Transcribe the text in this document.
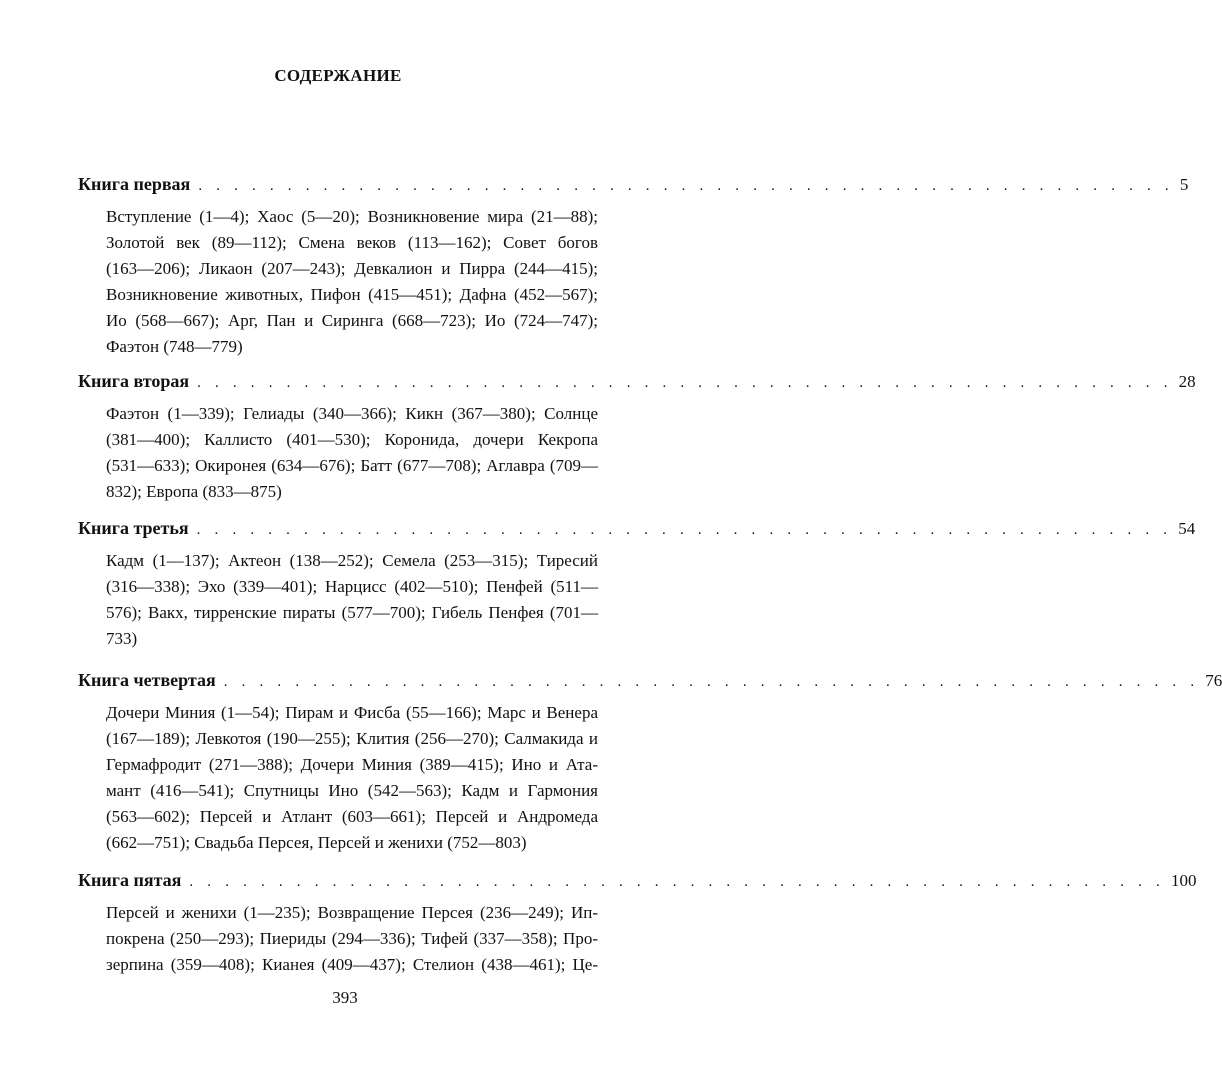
СОДЕРЖАНИЕ
Книга первая . . . . . . . . . . . . . . . . . . . . . . . . . . . . . . . . . . . . . . . . . . . . . . . . . . . . . . . 5
Вступление (1—4); Хаос (5—20); Возникновение мира (21—88);
Золотой век (89—112); Смена веков (113—162); Совет богов
(163—206); Ликаон (207—243); Девкалион и Пирра (244—415);
Возникновение животных, Пифон (415—451); Дафна (452—567);
Ио (568—667); Арг, Пан и Сиринга (668—723); Ио (724—747);
Фаэтон (748—779)
Книга вторая . . . . . . . . . . . . . . . . . . . . . . . . . . . . . . . . . . . . . . . . . . . . . . . . . . . . . . . 28
Фаэтон (1—339); Гелиады (340—366); Кикн (367—380); Солнце
(381—400); Каллисто (401—530); Коронида, дочери Кекропа
(531—633); Окиронея (634—676); Батт (677—708); Аглавра (709—
832); Европа (833—875)
Книга третья . . . . . . . . . . . . . . . . . . . . . . . . . . . . . . . . . . . . . . . . . . . . . . . . . . . . . . . 54
Кадм (1—137); Актеон (138—252); Семела (253—315); Тиресий
(316—338); Эхо (339—401); Нарцисс (402—510); Пенфей (511—
576); Вакх, тирренские пираты (577—700); Гибель Пенфея (701—
733)
Книга четвертая . . . . . . . . . . . . . . . . . . . . . . . . . . . . . . . . . . . . . . . . . . . . . . . . . . . . . . . 76
Дочери Миния (1—54); Пирам и Фисба (55—166); Марс и Венера
(167—189); Левкотоя (190—255); Клития (256—270); Салмакида и
Гермафродит (271—388); Дочери Миния (389—415); Ино и Ата-
мант (416—541); Спутницы Ино (542—563); Кадм и Гармония
(563—602); Персей и Атлант (603—661); Персей и Андромеда
(662—751); Свадьба Персея, Персей и женихи (752—803)
Книга пятая . . . . . . . . . . . . . . . . . . . . . . . . . . . . . . . . . . . . . . . . . . . . . . . . . . . . . . . 100
Персей и женихи (1—235); Возвращение Персея (236—249); Ип-
покрена (250—293); Пиериды (294—336); Тифей (337—358); Про-
зерпина (359—408); Кианея (409—437); Стелион (438—461); Це-
393
